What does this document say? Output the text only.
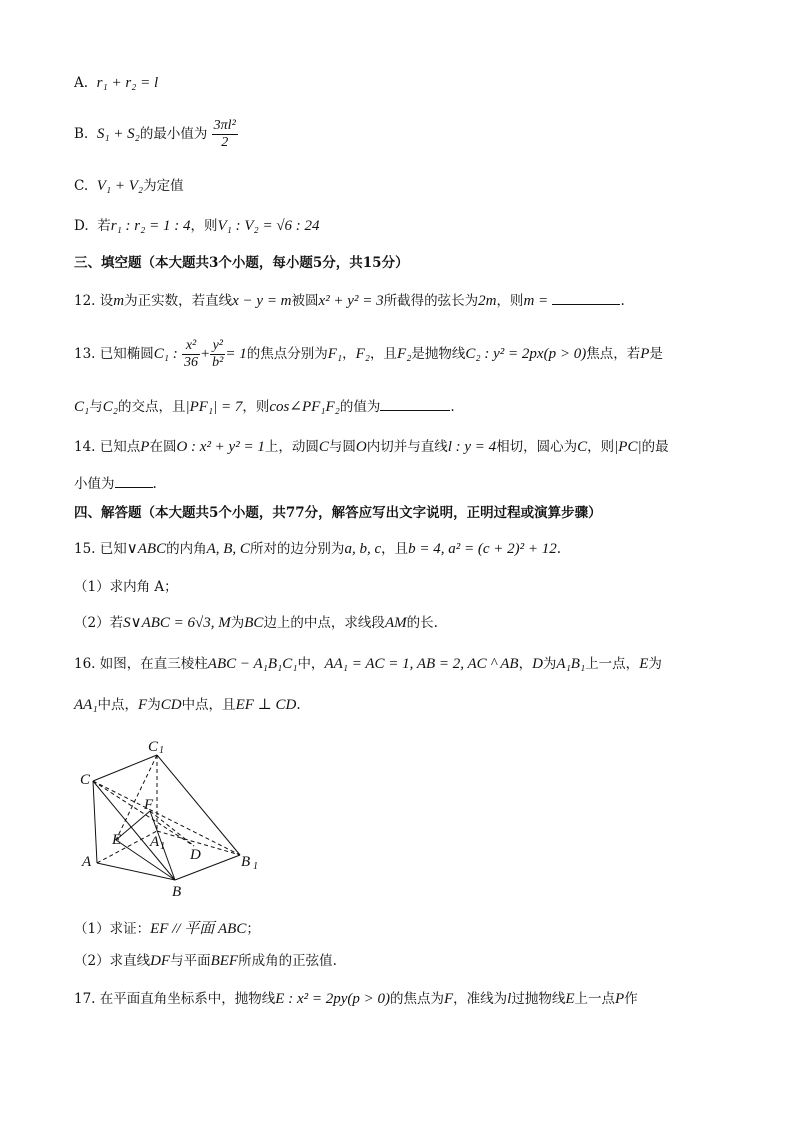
A. r₁ + r₂ = l
B. S₁ + S₂的最小值为 $\frac{\text{3πl²}}{2}$
C. V₁ + V₂为定值
D. 若r₁ : r₂ = 1 : 4，则V₁ : V₂ = √6 : 24
三、填空题（本大题共3个小题，每小题5分，共15分）
12. 设m为正实数，若直线x − y = m被圆x² + y² = 3所截得的弦长为2m，则m =	.
13. 已知椭圆C₁ : $\frac{\text{x²}}{36} + \frac{\text{y²}}{\text{b²}} = 1$的焦点分别为F₁，F₂，且F₂是抛物线C₂ : y² = 2px(p > 0)焦点，若P是
C₁与C₂的交点，且|PF₁| = 7，则cos∠PF₁F₂的值为	.
14. 已知点P在圆O : x² + y² = 1上，动圆C与圆O内切并与直线l : y = 4相切，圆心为C，则|PC|的最
小值为	.
四、解答题（本大题共5个小题，共77分，解答应写出文字说明，正明过程或演算步骤）
15. 已知∨ABC的内角A, B, C所对的边分别为a, b, c，且b = 4, a² = (c + 2)² + 12.
（1）求内角 A；
（2）若S∨ABC = 6√3, M为BC边上的中点，求线段AM的长.
16. 如图，在直三棱柱ABC − A₁B₁C₁中，AA₁ = AC = 1, AB = 2, AC ^ AB，D为A₁B₁上一点，E为
AA₁中点，F为CD中点，且EF ⊥ CD.
C 1
C
F
E A 1
D
A
B
B 1
（1）求证：EF // 平面 ABC；
（2）求直线DF与平面BEF所成角的正弦值.
17. 在平面直角坐标系中，抛物线E : x² = 2py(p > 0)的焦点为F，准线为l过抛物线E上一点P作
